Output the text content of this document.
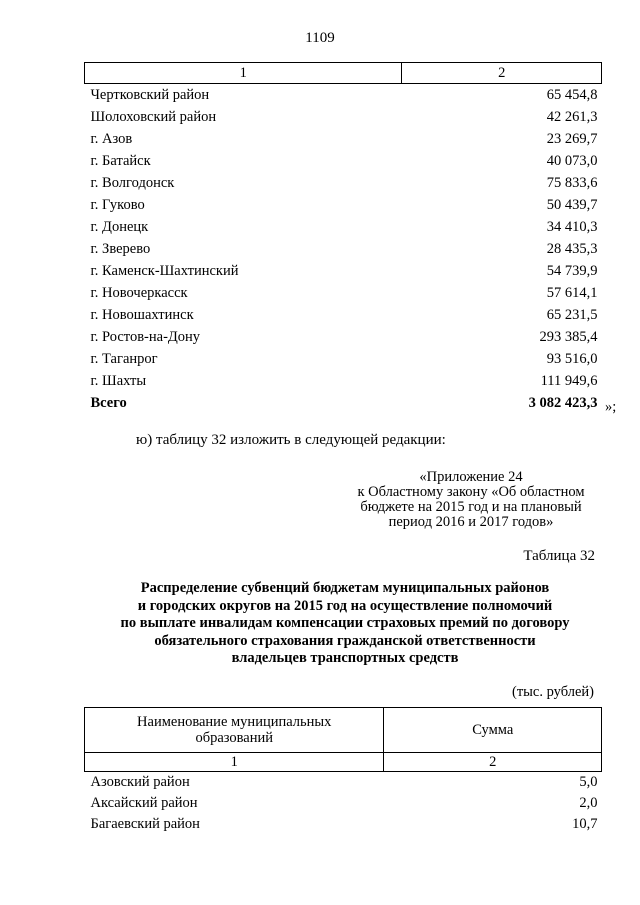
1109
1	2
Чертковский район	65 454,8
Шолоховский район	42 261,3
г. Азов	23 269,7
г. Батайск	40 073,0
г. Волгодонск	75 833,6
г. Гуково	50 439,7
г. Донецк	34 410,3
г. Зверево	28 435,3
г. Каменск-Шахтинский	54 739,9
г. Новочеркасск	57 614,1
г. Новошахтинск	65 231,5
г. Ростов-на-Дону	293 385,4
г. Таганрог	93 516,0
г. Шахты	111 949,6
Всего	3 082 423,3 »;
ю) таблицу 32 изложить в следующей редакции:
«Приложение 24
к Областному закону «Об областном
бюджете на 2015 год и на плановый
период 2016 и 2017 годов»
Таблица 32
Распределение субвенций бюджетам муниципальных районов
и городских округов на 2015 год на осуществление полномочий
по выплате инвалидам компенсации страховых премий по договору
обязательного страхования гражданской ответственности
владельцев транспортных средств
(тыс. рублей)
Наименование муниципальных
образований	Сумма
1	2
Азовский район	5,0
Аксайский район	2,0
Багаевский район	10,7
